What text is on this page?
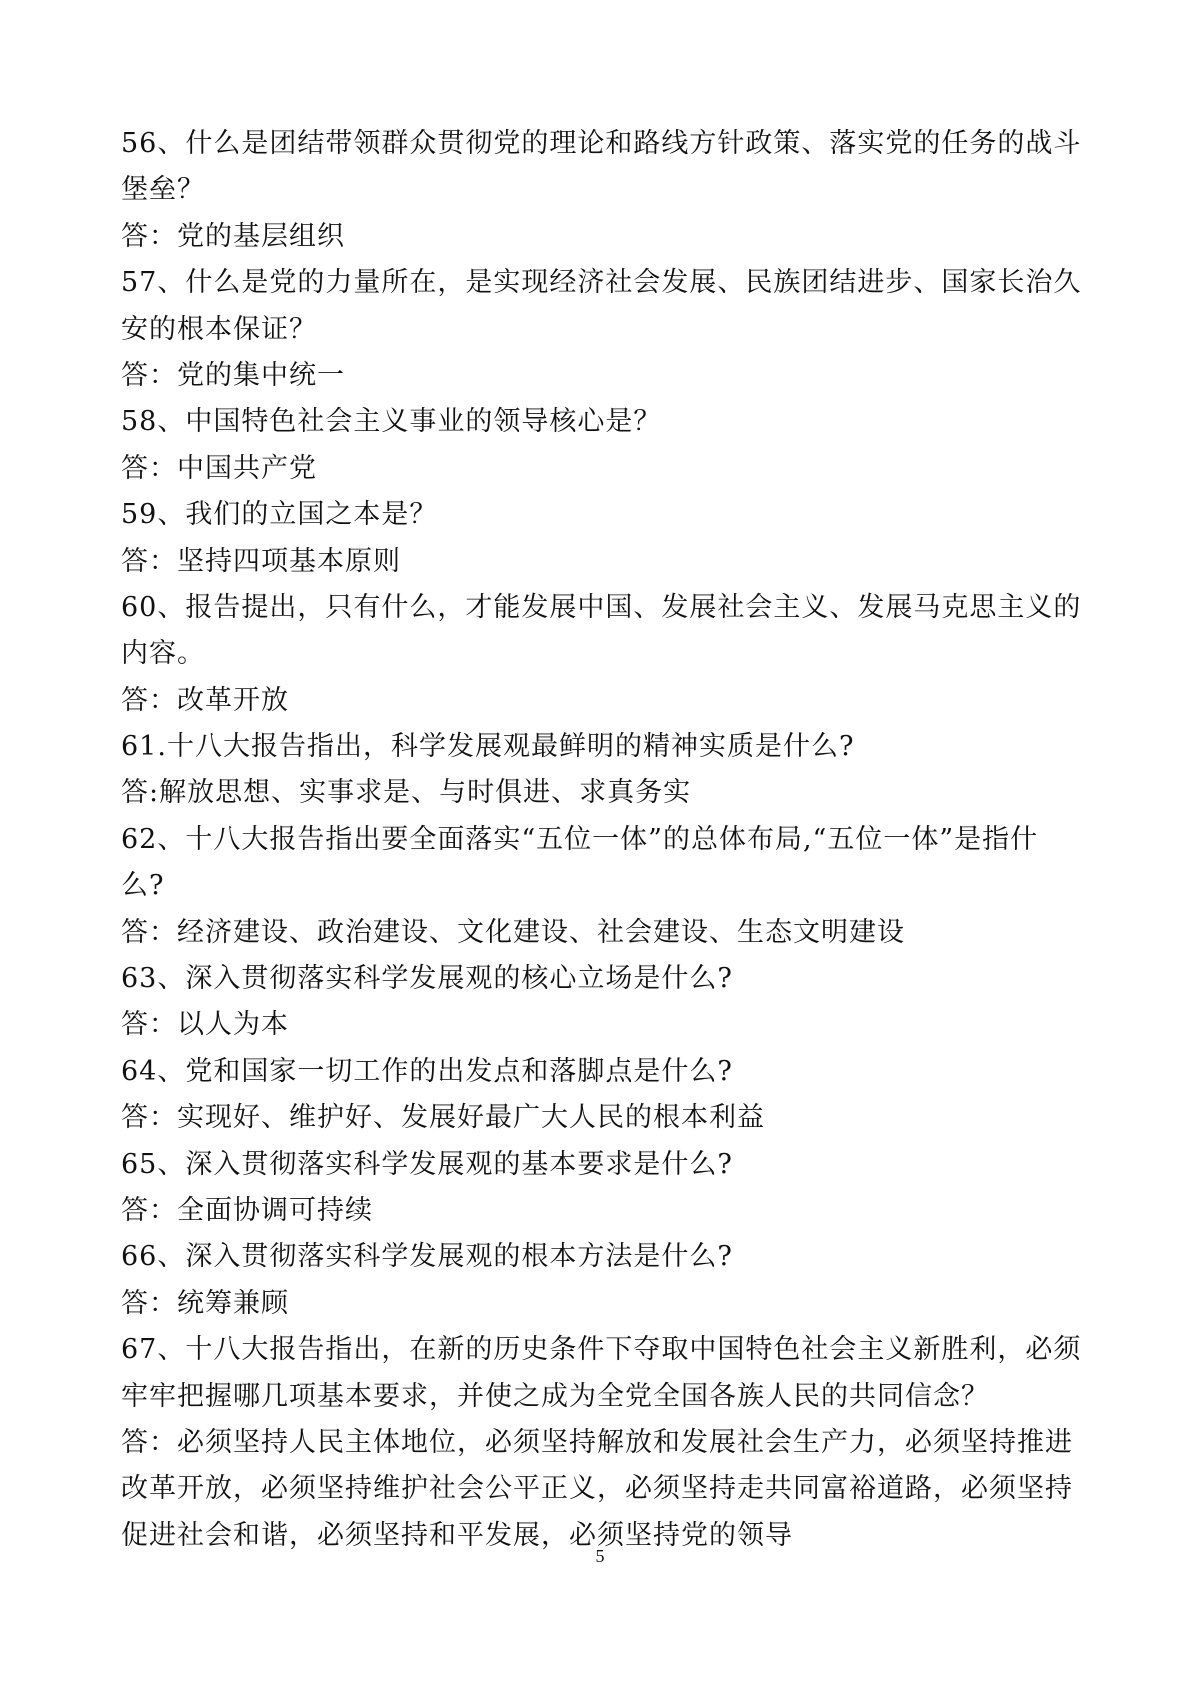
56、什么是团结带领群众贯彻党的理论和路线方针政策、落实党的任务的战斗
堡垒？
答：党的基层组织
57、什么是党的力量所在，是实现经济社会发展、民族团结进步、国家长治久
安的根本保证？
答：党的集中统一
58、中国特色社会主义事业的领导核心是？
答：中国共产党
59、我们的立国之本是？
答：坚持四项基本原则
60、报告提出，只有什么，才能发展中国、发展社会主义、发展马克思主义的
内容。
答：改革开放
61.十八大报告指出，科学发展观最鲜明的精神实质是什么?
答:解放思想、实事求是、与时俱进、求真务实
62、十八大报告指出要全面落实“五位一体”的总体布局,“五位一体”是指什
么?
答：经济建设、政治建设、文化建设、社会建设、生态文明建设
63、深入贯彻落实科学发展观的核心立场是什么?
答：以人为本
64、党和国家一切工作的出发点和落脚点是什么?
答：实现好、维护好、发展好最广大人民的根本利益
65、深入贯彻落实科学发展观的基本要求是什么?
答：全面协调可持续
66、深入贯彻落实科学发展观的根本方法是什么?
答：统筹兼顾
67、十八大报告指出，在新的历史条件下夺取中国特色社会主义新胜利，必须
牢牢把握哪几项基本要求，并使之成为全党全国各族人民的共同信念？
答：必须坚持人民主体地位，必须坚持解放和发展社会生产力，必须坚持推进
改革开放，必须坚持维护社会公平正义，必须坚持走共同富裕道路，必须坚持
促进社会和谐，必须坚持和平发展，必须坚持党的领导
5
